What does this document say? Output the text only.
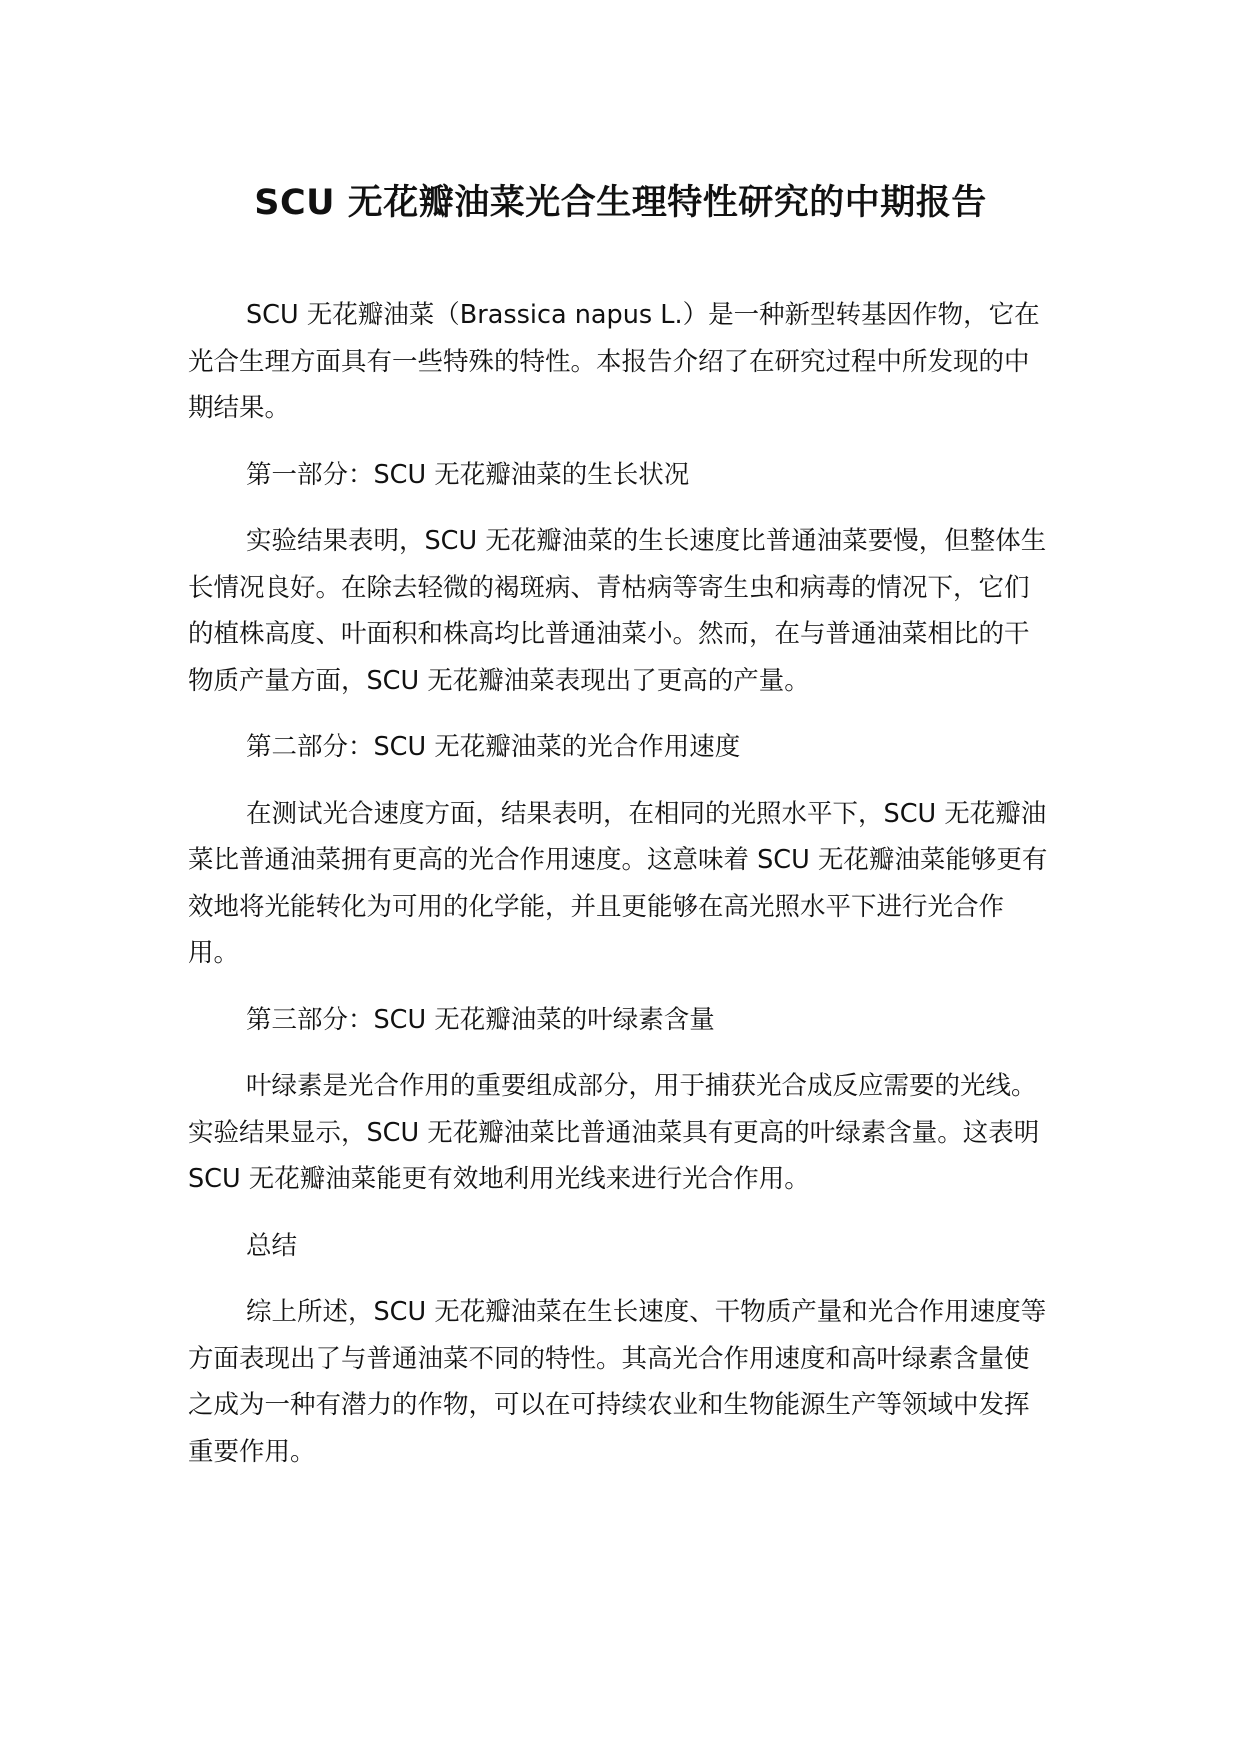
SCU 无花瓣油菜光合生理特性研究的中期报告

SCU 无花瓣油菜（Brassica napus L.）是一种新型转基因作物，它在光合生理方面具有一些特殊的特性。本报告介绍了在研究过程中所发现的中期结果。

第一部分：SCU 无花瓣油菜的生长状况

实验结果表明，SCU 无花瓣油菜的生长速度比普通油菜要慢，但整体生长情况良好。在除去轻微的褐斑病、青枯病等寄生虫和病毒的情况下，它们的植株高度、叶面积和株高均比普通油菜小。然而，在与普通油菜相比的干物质产量方面，SCU 无花瓣油菜表现出了更高的产量。

第二部分：SCU 无花瓣油菜的光合作用速度

在测试光合速度方面，结果表明，在相同的光照水平下，SCU 无花瓣油菜比普通油菜拥有更高的光合作用速度。这意味着 SCU 无花瓣油菜能够更有效地将光能转化为可用的化学能，并且更能够在高光照水平下进行光合作用。

第三部分：SCU 无花瓣油菜的叶绿素含量

叶绿素是光合作用的重要组成部分，用于捕获光合成反应需要的光线。实验结果显示，SCU 无花瓣油菜比普通油菜具有更高的叶绿素含量。这表明 SCU 无花瓣油菜能更有效地利用光线来进行光合作用。

总结

综上所述，SCU 无花瓣油菜在生长速度、干物质产量和光合作用速度等方面表现出了与普通油菜不同的特性。其高光合作用速度和高叶绿素含量使之成为一种有潜力的作物，可以在可持续农业和生物能源生产等领域中发挥重要作用。
